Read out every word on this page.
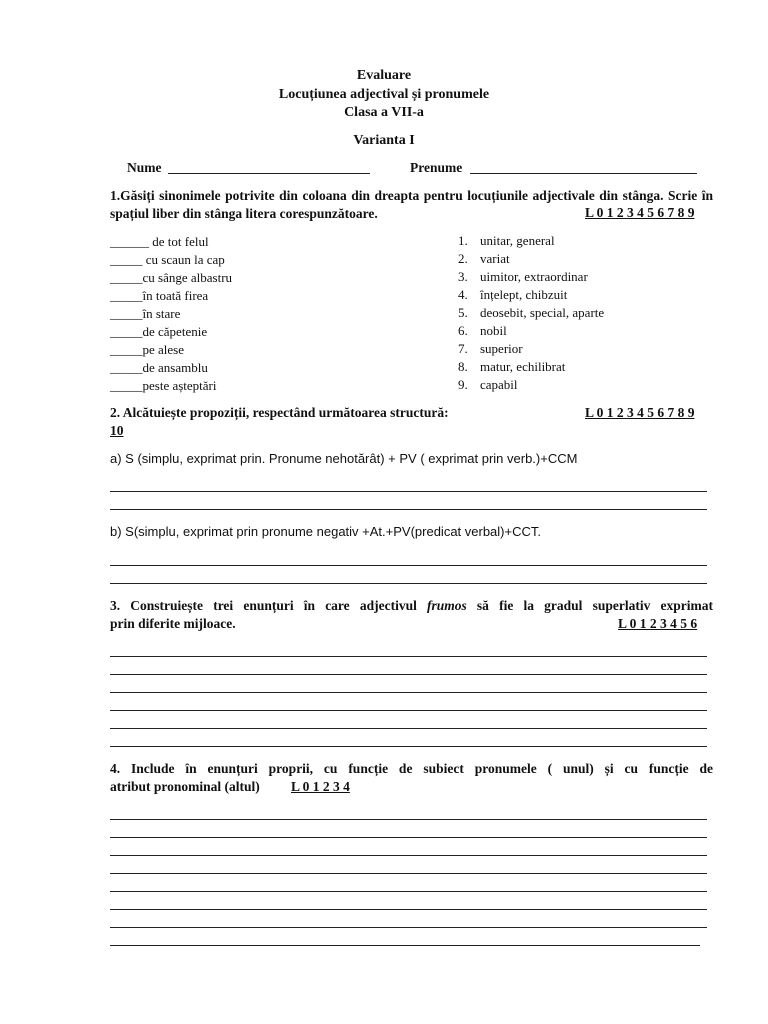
Evaluare
Locuțiunea adjectival și pronumele
Clasa a VII-a
Varianta I
Nume	Prenume
1.Găsiți sinonimele potrivite din coloana din dreapta pentru locuțiunile adjectivale din stânga. Scrie în spațiul liber din stânga litera corespunzătoare.	L 0 1 2 3 4 5 6 7 8 9
______ de tot felul
_____ cu scaun la cap
_____cu sânge albastru
_____în toată firea
_____în stare
_____de căpetenie
_____pe alese
_____de ansamblu
_____peste așteptări
1. unitar, general
2. variat
3. uimitor, extraordinar
4. înțelept, chibzuit
5. deosebit, special, aparte
6. nobil
7. superior
8. matur, echilibrat
9. capabil
2. Alcătuiește propoziții, respectând următoarea structură:	L 0 1 2 3 4 5 6 7 8 9
10
a) S (simplu, exprimat prin. Pronume nehotărât) + PV ( exprimat prin verb.)+CCM
b) S(simplu, exprimat prin pronume negativ +At.+PV(predicat verbal)+CCT.
3. Construiește trei enunțuri în care adjectivul frumos să fie la gradul superlativ exprimat
prin diferite mijloace.	L 0 1 2 3 4 5 6
4. Include în enunțuri proprii, cu funcție de subiect pronumele ( unul) și cu funcție de
atribut pronominal (altul) L 0 1 2 3 4
